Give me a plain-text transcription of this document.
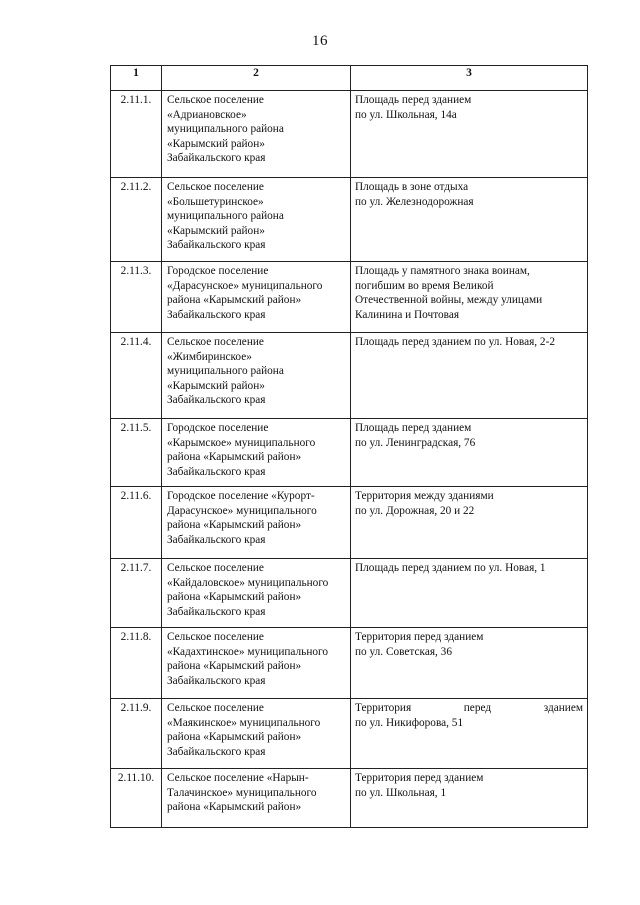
16
1	2	3
2.11.1.	Сельское поселение
«Адриановское»
муниципального района
«Карымский район»
Забайкальского края	Площадь перед зданием
по ул. Школьная, 14а

2.11.2.	Сельское поселение
«Большетуринское»
муниципального района
«Карымский район»
Забайкальского края	Площадь в зоне отдыха
по ул. Железнодорожная

2.11.3.	Городское поселение
«Дарасунское» муниципального
района «Карымский район»
Забайкальского края	Площадь у памятного знака воинам,
погибшим во время Великой
Отечественной войны, между улицами
Калинина и Почтовая

2.11.4.	Сельское поселение
«Жимбиринское»
муниципального района
«Карымский район»
Забайкальского края	Площадь перед зданием по ул. Новая, 2-2

2.11.5.	Городское поселение
«Карымское» муниципального
района «Карымский район»
Забайкальского края	Площадь перед зданием
по ул. Ленинградская, 76

2.11.6.	Городское поселение «Курорт-
Дарасунское» муниципального
района «Карымский район»
Забайкальского края	Территория между зданиями
по ул. Дорожная, 20 и 22

2.11.7.	Сельское поселение
«Кайдаловское» муниципального
района «Карымский район»
Забайкальского края	Площадь перед зданием по ул. Новая, 1

2.11.8.	Сельское поселение
«Кадахтинское» муниципального
района «Карымский район»
Забайкальского края	Территория перед зданием
по ул. Советская, 36

2.11.9.	Сельское поселение
«Маякинское» муниципального
района «Карымский район»
Забайкальского края	Территория перед зданием
по ул. Никифорова, 51

2.11.10.	Сельское поселение «Нарын-
Талачинское» муниципального
района «Карымский район»	Территория перед зданием
по ул. Школьная, 1
